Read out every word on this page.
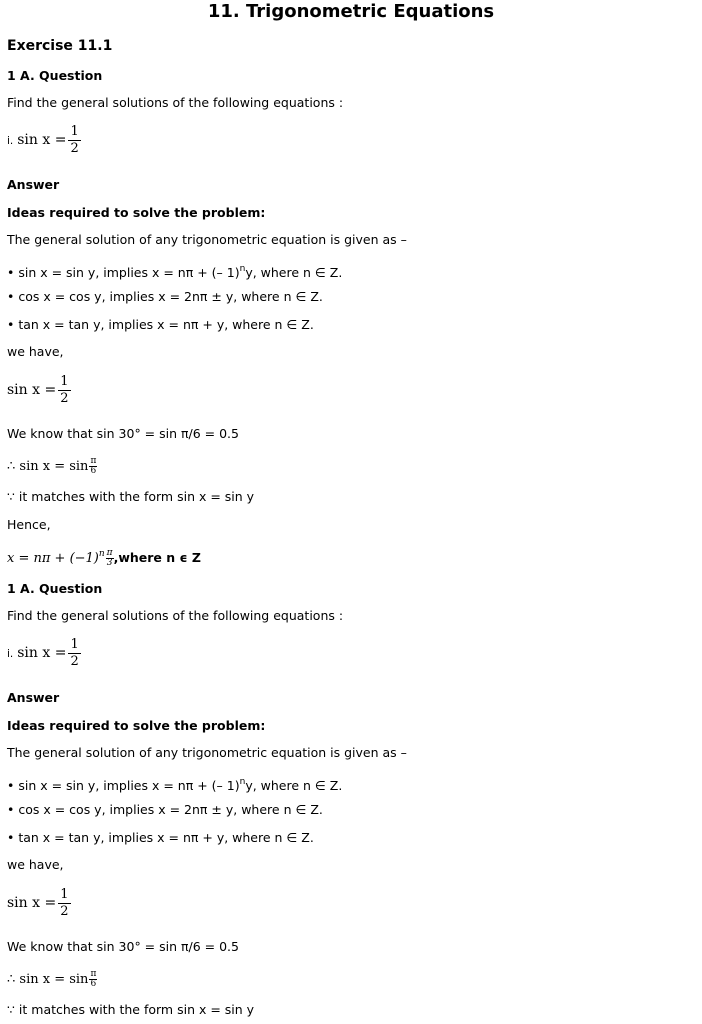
11. Trigonometric Equations
Exercise 11.1
1 A. Question
Find the general solutions of the following equations :
i. $\sin x = \frac{1}{2}$
Answer
Ideas required to solve the problem:
The general solution of any trigonometric equation is given as –
• sin x = sin y, implies x = nπ + (– 1)$^n$y, where n ∈ Z.
• cos x = cos y, implies x = 2nπ ± y, where n ∈ Z.
• tan x = tan y, implies x = nπ + y, where n ∈ Z.
we have,
$\sin x = \frac{1}{2}$
We know that sin 30° = sin π/6 = 0.5
∴ $\sin x = \sin \frac{\pi}{6}$
∵ it matches with the form sin x = sin y
Hence,
$x = n\pi + (-1)^n \frac{\pi}{3}$ ,where n ϵ Z
1 A. Question
Find the general solutions of the following equations :
i. $\sin x = \frac{1}{2}$
Answer
Ideas required to solve the problem:
The general solution of any trigonometric equation is given as –
• sin x = sin y, implies x = nπ + (– 1)$^n$y, where n ∈ Z.
• cos x = cos y, implies x = 2nπ ± y, where n ∈ Z.
• tan x = tan y, implies x = nπ + y, where n ∈ Z.
we have,
$\sin x = \frac{1}{2}$
We know that sin 30° = sin π/6 = 0.5
∴ $\sin x = \sin \frac{\pi}{6}$
∵ it matches with the form sin x = sin y
